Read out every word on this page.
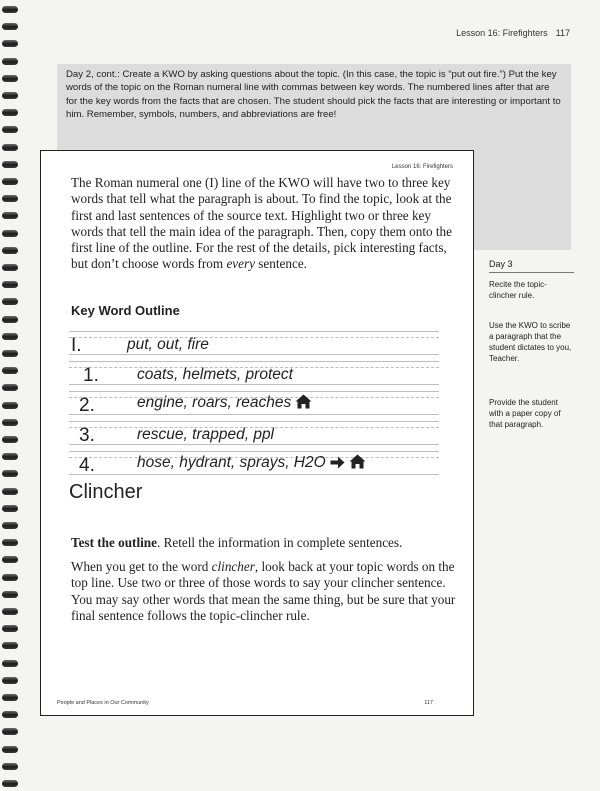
Lesson 16: Firefighters 117
Day 2, cont.: Create a KWO by asking questions about the topic. (In this case, the topic is “put out fire.”) Put the key words of the topic on the Roman numeral line with commas between key words. The numbered lines after that are for the key words from the facts that are chosen. The student should pick the facts that are interesting or important to him. Remember, symbols, numbers, and abbreviations are free!
Lesson 16: Firefighters
The Roman numeral one (I) line of the KWO will have two to three key words that tell what the paragraph is about. To find the topic, look at the first and last sentences of the source text. Highlight two or three key words that tell the main idea of the paragraph. Then, copy them onto the first line of the outline. For the rest of the details, pick interesting facts, but don’t choose words from every sentence.
Key Word Outline
I.	put, out, fire
1. coats, helmets, protect
2.	engine, roars, reaches
3.	rescue, trapped, ppl
4.	hose, hydrant, sprays, H2O
Clincher
Test the outline. Retell the information in complete sentences.
When you get to the word clincher, look back at your topic words on the top line. Use two or three of those words to say your clincher sentence. You may say other words that mean the same thing, but be sure that your final sentence follows the topic-clincher rule.
People and Places in Our Community	117
Day 3
Recite the topic-clincher rule.
Use the KWO to scribe a paragraph that the student dictates to you, Teacher.
Provide the student with a paper copy of that paragraph.
